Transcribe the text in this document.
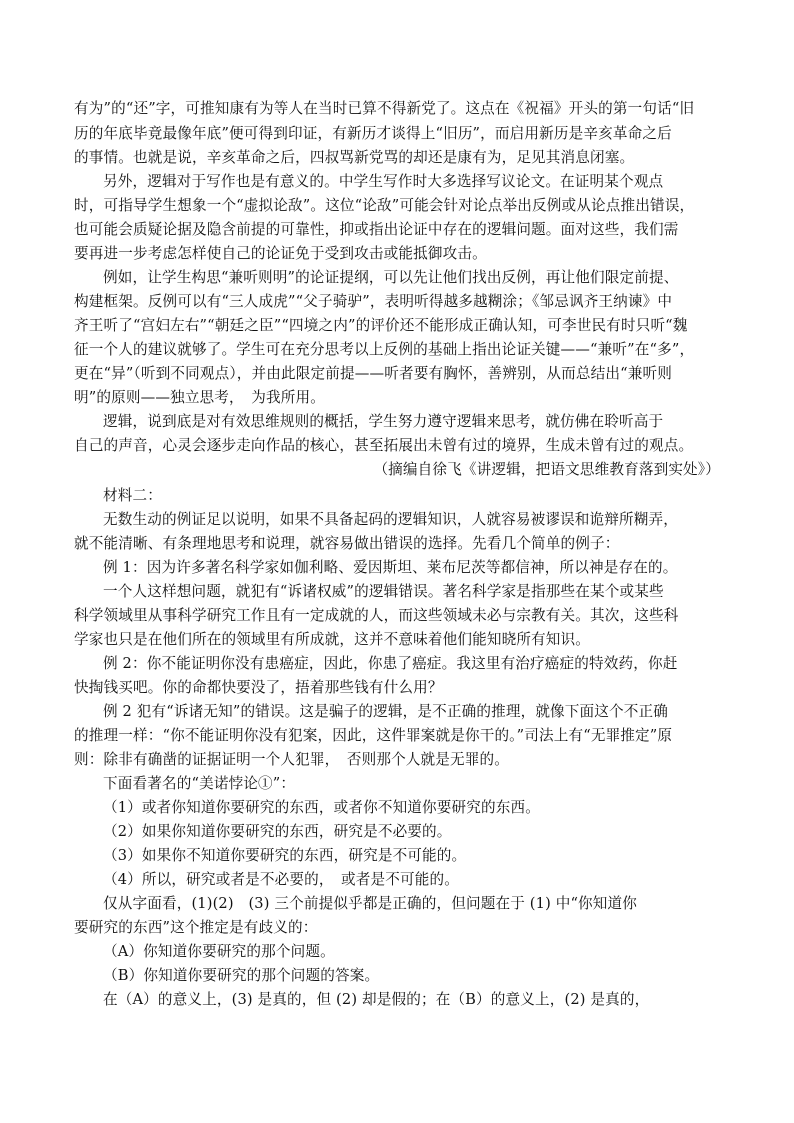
有为”的“还”字，可推知康有为等人在当时已算不得新党了。这点在《祝福》开头的第一句话“旧
历的年底毕竟最像年底”便可得到印证，有新历才谈得上“旧历”，而启用新历是辛亥革命之后
的事情。也就是说，辛亥革命之后，四叔骂新党骂的却还是康有为，足见其消息闭塞。
另外，逻辑对于写作也是有意义的。中学生写作时大多选择写议论文。在证明某个观点
时，可指导学生想象一个“虚拟论敌”。这位“论敌”可能会针对论点举出反例或从论点推出错误，
也可能会质疑论据及隐含前提的可靠性，抑或指出论证中存在的逻辑问题。面对这些，我们需
要再进一步考虑怎样使自己的论证免于受到攻击或能抵御攻击。
例如，让学生构思“兼听则明”的论证提纲，可以先让他们找出反例，再让他们限定前提、
构建框架。反例可以有“三人成虎”“父子骑驴”，表明听得越多越糊涂；《邹忌讽齐王纳谏》中
齐王听了“宫妇左右”“朝廷之臣”“四境之内”的评价还不能形成正确认知，可李世民有时只听“魏
征一个人的建议就够了。学生可在充分思考以上反例的基础上指出论证关键——“兼听”在“多”，
更在“异”（听到不同观点），并由此限定前提——听者要有胸怀，善辨别，从而总结出“兼听则
明”的原则——独立思考，　为我所用。
逻辑，说到底是对有效思维规则的概括，学生努力遵守逻辑来思考，就仿佛在聆听高于
自己的声音，心灵会逐步走向作品的核心，甚至拓展出未曾有过的境界，生成未曾有过的观点。
（摘编自徐飞《讲逻辑，把语文思维教育落到实处》）
材料二：
无数生动的例证足以说明，如果不具备起码的逻辑知识，人就容易被谬误和诡辩所糊弄，
就不能清晰、有条理地思考和说理，就容易做出错误的选择。先看几个简单的例子：
例 1：因为许多著名科学家如伽利略、爱因斯坦、莱布尼茨等都信神，所以神是存在的。
一个人这样想问题，就犯有“诉诸权威”的逻辑错误。著名科学家是指那些在某个或某些
科学领域里从事科学研究工作且有一定成就的人，而这些领域未必与宗教有关。其次，这些科
学家也只是在他们所在的领域里有所成就，这并不意味着他们能知晓所有知识。
例 2：你不能证明你没有患癌症，因此，你患了癌症。我这里有治疗癌症的特效药，你赶
快掏钱买吧。你的命都快要没了，捂着那些钱有什么用？
例 2 犯有“诉诸无知”的错误。这是骗子的逻辑，是不正确的推理，就像下面这个不正确
的推理一样：“你不能证明你没有犯案，因此，这件罪案就是你干的。”司法上有“无罪推定”原
则：除非有确凿的证据证明一个人犯罪，　否则那个人就是无罪的。
下面看著名的“美诺悖论①”：
（1）或者你知道你要研究的东西，或者你不知道你要研究的东西。
（2）如果你知道你要研究的东西，研究是不必要的。
（3）如果你不知道你要研究的东西，研究是不可能的。
（4）所以，研究或者是不必要的，　或者是不可能的。
仅从字面看，(1)(2)　(3) 三个前提似乎都是正确的，但问题在于 (1) 中“你知道你
要研究的东西”这个推定是有歧义的：
（A）你知道你要研究的那个问题。
（B）你知道你要研究的那个问题的答案。
在（A）的意义上，(3) 是真的，但 (2) 却是假的；在（B）的意义上，(2) 是真的，
